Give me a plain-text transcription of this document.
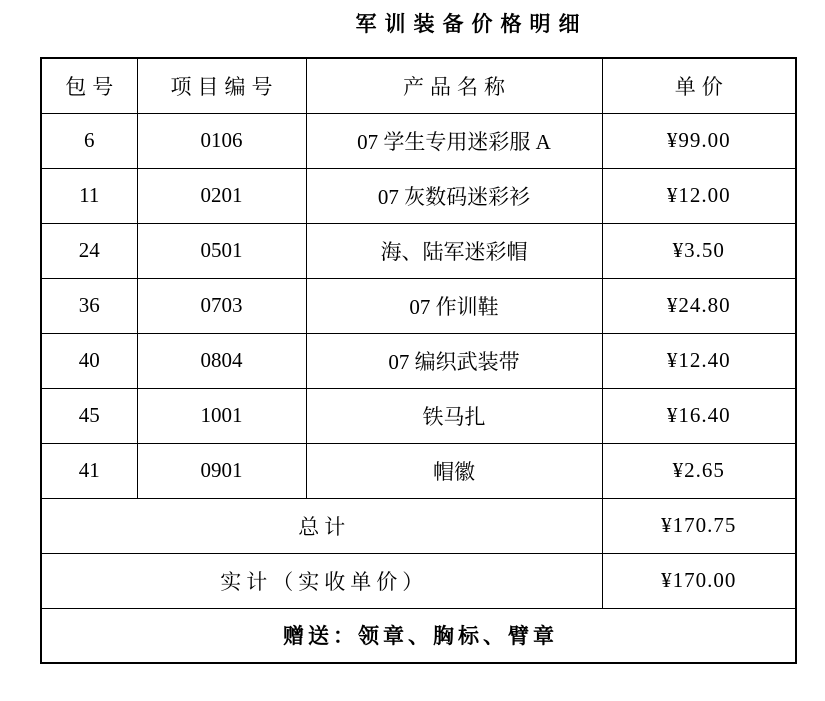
军训装备价格明细
包号	项目编号	产品名称	单价
6	0106	07 学生专用迷彩服 A	¥99.00
11	0201	07 灰数码迷彩衫	¥12.00
24	0501	海、陆军迷彩帽	¥3.50
36	0703	07 作训鞋	¥24.80
40	0804	07 编织武装带	¥12.40
45	1001	铁马扎	¥16.40
41	0901	帽徽	¥2.65
总计			¥170.75
实计（实收单价）			¥170.00
赠送：领章、胸标、臂章			
